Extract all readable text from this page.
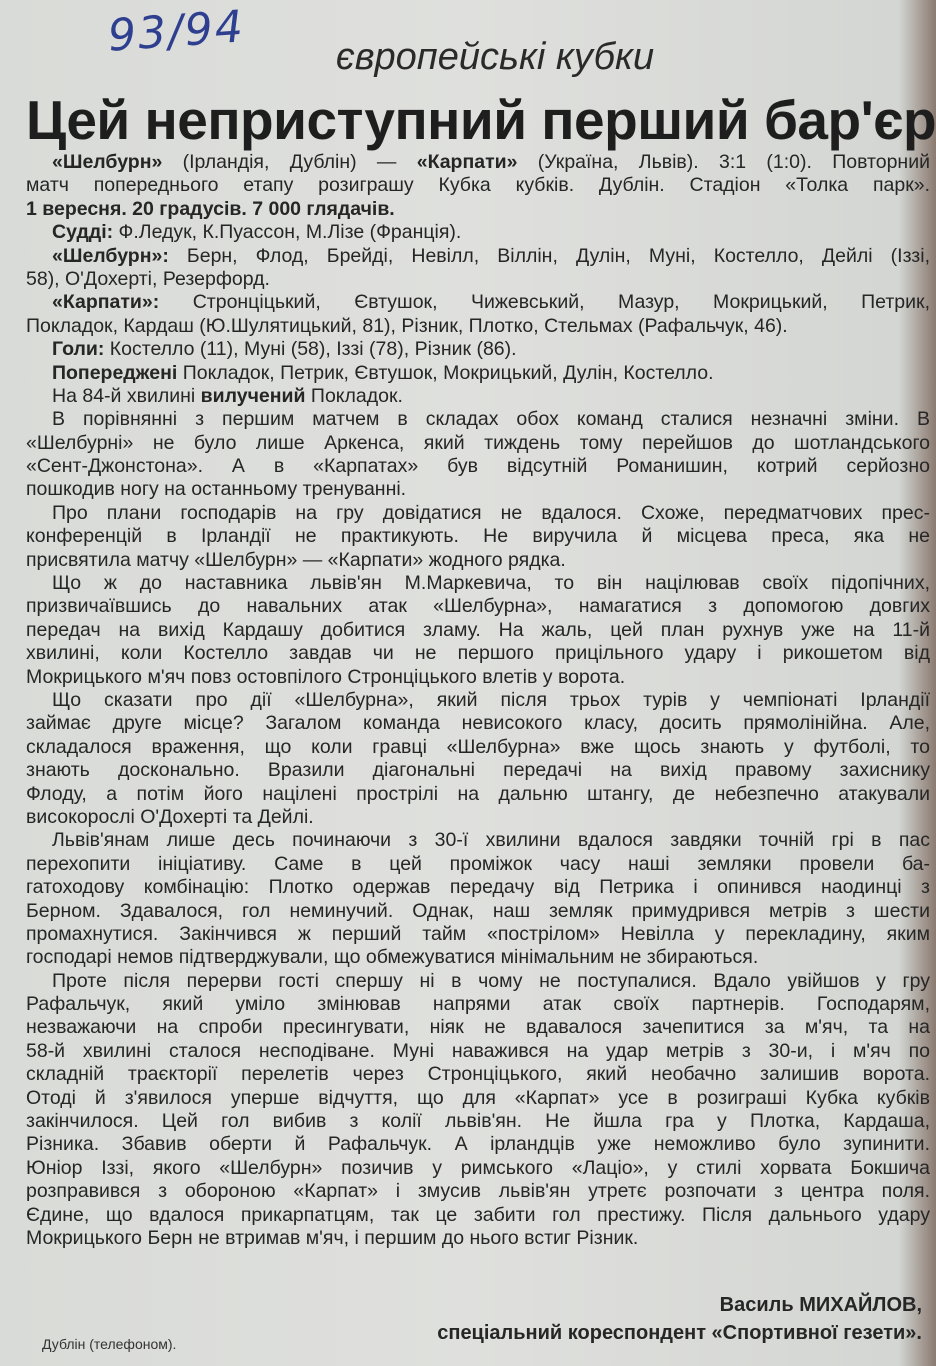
93/94	європейські кубки
Цей неприступний перший бар'єр
«Шелбурн» (Ірландія, Дублін) — «Карпати» (Україна, Львів). 3:1 (1:0). Повторний
матч попереднього етапу розиграшу Кубка кубків. Дублін. Стадіон «Толка парк».
1 вересня. 20 градусів. 7 000 глядачів.
Судді: Ф.Ледук, К.Пуассон, М.Лізе (Франція).
«Шелбурн»: Берн, Флод, Брейді, Невілл, Віллін, Дулін, Муні, Костелло, Дейлі (Іззі,
58), О'Дохерті, Резерфорд.
«Карпати»: Стронціцький, Євтушок, Чижевський, Мазур, Мокрицький, Петрик,
Покладок, Кардаш (Ю.Шулятицький, 81), Різник, Плотко, Стельмах (Рафальчук, 46).
Голи: Костелло (11), Муні (58), Іззі (78), Різник (86).
Попереджені Покладок, Петрик, Євтушок, Мокрицький, Дулін, Костелло.
На 84-й хвилині вилучений Покладок.
В порівнянні з першим матчем в складах обох команд сталися незначні зміни. В
«Шелбурні» не було лише Аркенса, який тиждень тому перейшов до шотландського
«Сент-Джонстона». А в «Карпатах» був відсутній Романишин, котрий серйозно
пошкодив ногу на останньому тренуванні.
Про плани господарів на гру довідатися не вдалося. Схоже, передматчових прес-
конференцій в Ірландії не практикують. Не виручила й місцева преса, яка не
присвятила матчу «Шелбурн» — «Карпати» жодного рядка.
Що ж до наставника львів'ян М.Маркевича, то він націлював своїх підопічних,
призвичаївшись до навальних атак «Шелбурна», намагатися з допомогою довгих
передач на вихід Кардашу добитися зламу. На жаль, цей план рухнув уже на 11-й
хвилині, коли Костелло завдав чи не першого прицільного удару і рикошетом від
Мокрицького м'яч повз остовпілого Стронціцького влетів у ворота.
Що сказати про дії «Шелбурна», який після трьох турів у чемпіонаті Ірландії
займає друге місце? Загалом команда невисокого класу, досить прямолінійна. Але,
складалося враження, що коли гравці «Шелбурна» вже щось знають у футболі, то
знають досконально. Вразили діагональні передачі на вихід правому захиснику
Флоду, а потім його націлені прострілі на дальню штангу, де небезпечно атакували
високорослі О'Дохерті та Дейлі.
Львів'янам лише десь починаючи з 30-ї хвилини вдалося завдяки точній грі в пас
перехопити ініціативу. Саме в цей проміжок часу наші земляки провели ба-
гатоходову комбінацію: Плотко одержав передачу від Петрика і опинився наодинці з
Берном. Здавалося, гол неминучий. Однак, наш земляк примудрився метрів з шести
промахнутися. Закінчився ж перший тайм «пострілом» Невілла у перекладину, яким
господарі немов підтверджували, що обмежуватися мінімальним не збираються.
Проте після перерви гості спершу ні в чому не поступалися. Вдало увійшов у гру
Рафальчук, який уміло змінював напрями атак своїх партнерів. Господарям,
незважаючи на спроби пресингувати, ніяк не вдавалося зачепитися за м'яч, та на
58-й хвилині сталося несподіване. Муні наважився на удар метрів з 30-и, і м'яч по
складній траєкторії перелетів через Стронціцького, який необачно залишив ворота.
Отоді й з'явилося уперше відчуття, що для «Карпат» усе в розиграші Кубка кубків
закінчилося. Цей гол вибив з колії львів'ян. Не йшла гра у Плотка, Кардаша,
Різника. Збавив оберти й Рафальчук. А ірландців уже неможливо було зупинити.
Юніор Іззі, якого «Шелбурн» позичив у римського «Лаціо», у стилі хорвата Бокшича
розправився з обороною «Карпат» і змусив львів'ян утретє розпочати з центра поля.
Єдине, що вдалося прикарпатцям, так це забити гол престижу. Після дальнього удару
Мокрицького Берн не втримав м'яч, і першим до нього встиг Різник.
Василь МИХАЙЛОВ,
спеціальний кореспондент «Спортивної гезети».
Дублін (телефоном).
